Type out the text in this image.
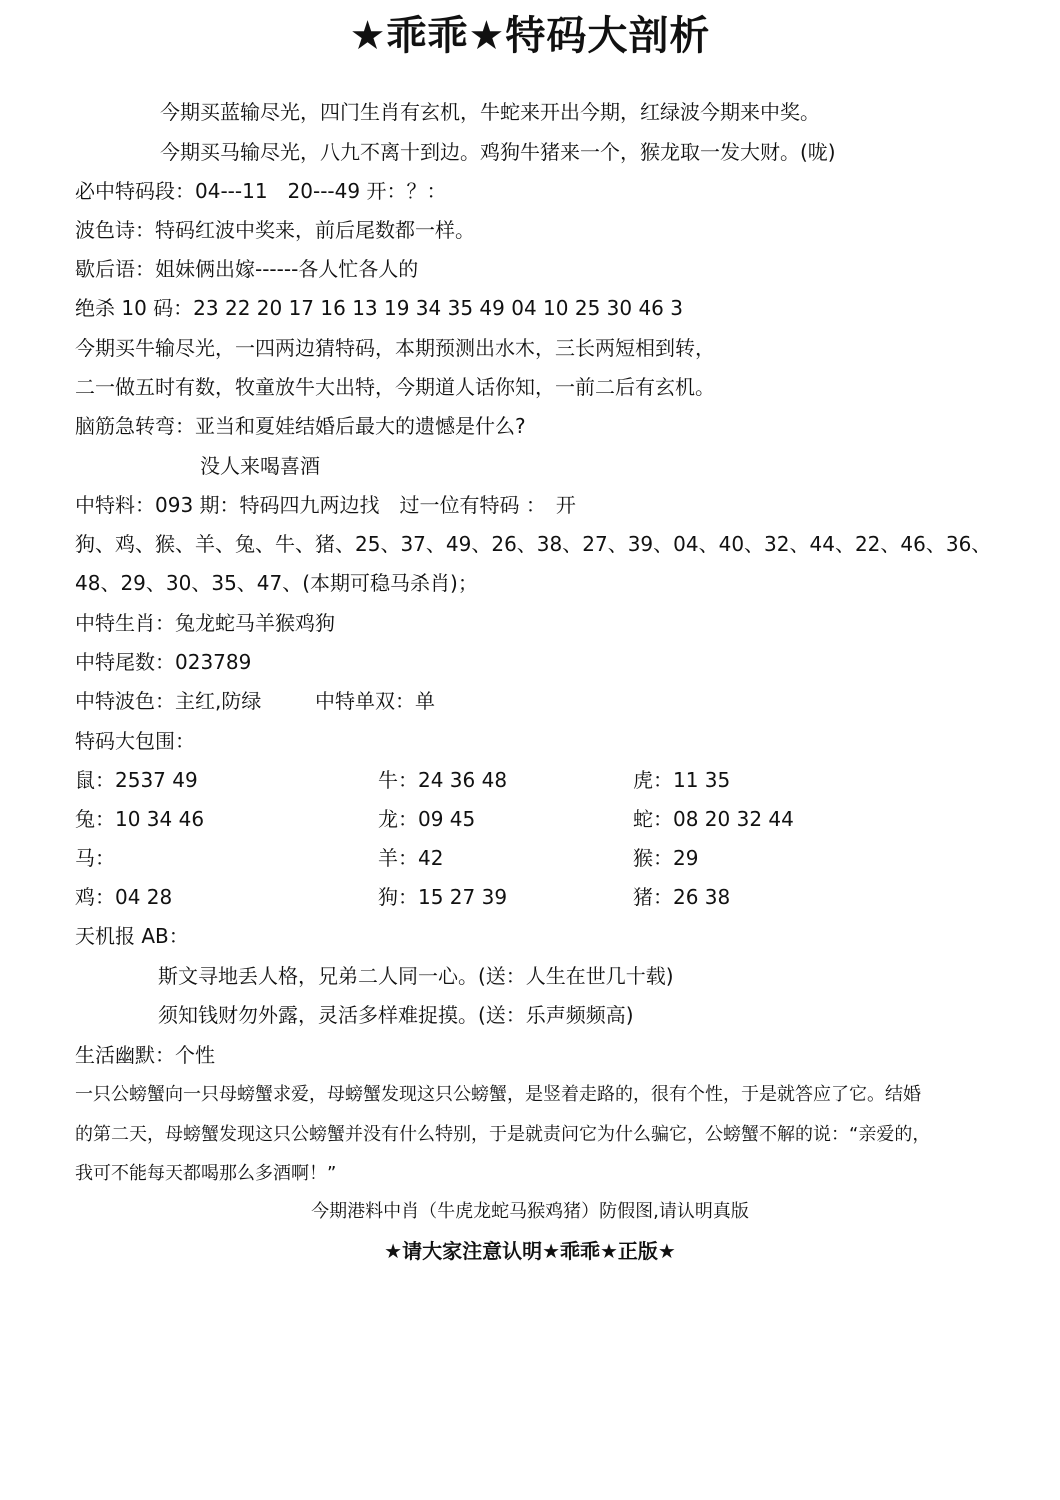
★乖乖★特码大剖析
今期买蓝输尽光，四门生肖有玄机，牛蛇来开出今期，红绿波今期来中奖。
今期买马输尽光，八九不离十到边。鸡狗牛猪来一个，猴龙取一发大财。(咙)
必中特码段：04---11　20---49 开：？：
波色诗：特码红波中奖来，前后尾数都一样。
歇后语：姐妹俩出嫁------各人忙各人的
绝杀 10 码：23 22 20 17 16 13 19 34 35 49 04 10 25 30 46 3
今期买牛输尽光，一四两边猜特码，本期预测出水木，三长两短相到转，
二一做五时有数，牧童放牛大出特，今期道人话你知，一前二后有玄机。
脑筋急转弯：亚当和夏娃结婚后最大的遗憾是什么?
没人来喝喜酒
中特料：093 期：特码四九两边找　过一位有特码 ：　开
狗、鸡、猴、羊、兔、牛、猪、25、37、49、26、38、27、39、04、40、32、44、22、46、36、
48、29、30、35、47、(本期可稳马杀肖)；
中特生肖：兔龙蛇马羊猴鸡狗
中特尾数：023789
中特波色：主红,防绿	中特单双：单
特码大包围：
鼠：2537 49	牛：24 36 48	虎：11 35
兔：10 34 46	龙：09 45	蛇：08 20 32 44
马：	羊：42	猴：29
鸡：04 28	狗：15 27 39	猪：26 38
天机报 AB：
斯文寻地丢人格，兄弟二人同一心。(送：人生在世几十载)
须知钱财勿外露，灵活多样难捉摸。(送：乐声频频高)
生活幽默：个性
一只公螃蟹向一只母螃蟹求爱，母螃蟹发现这只公螃蟹，是竖着走路的，很有个性，于是就答应了它。结婚
的第二天，母螃蟹发现这只公螃蟹并没有什么特别，于是就责问它为什么骗它，公螃蟹不解的说：“亲爱的，
我可不能每天都喝那么多酒啊！”
今期港料中肖（牛虎龙蛇马猴鸡猪）防假图,请认明真版
★请大家注意认明★乖乖★正版★
